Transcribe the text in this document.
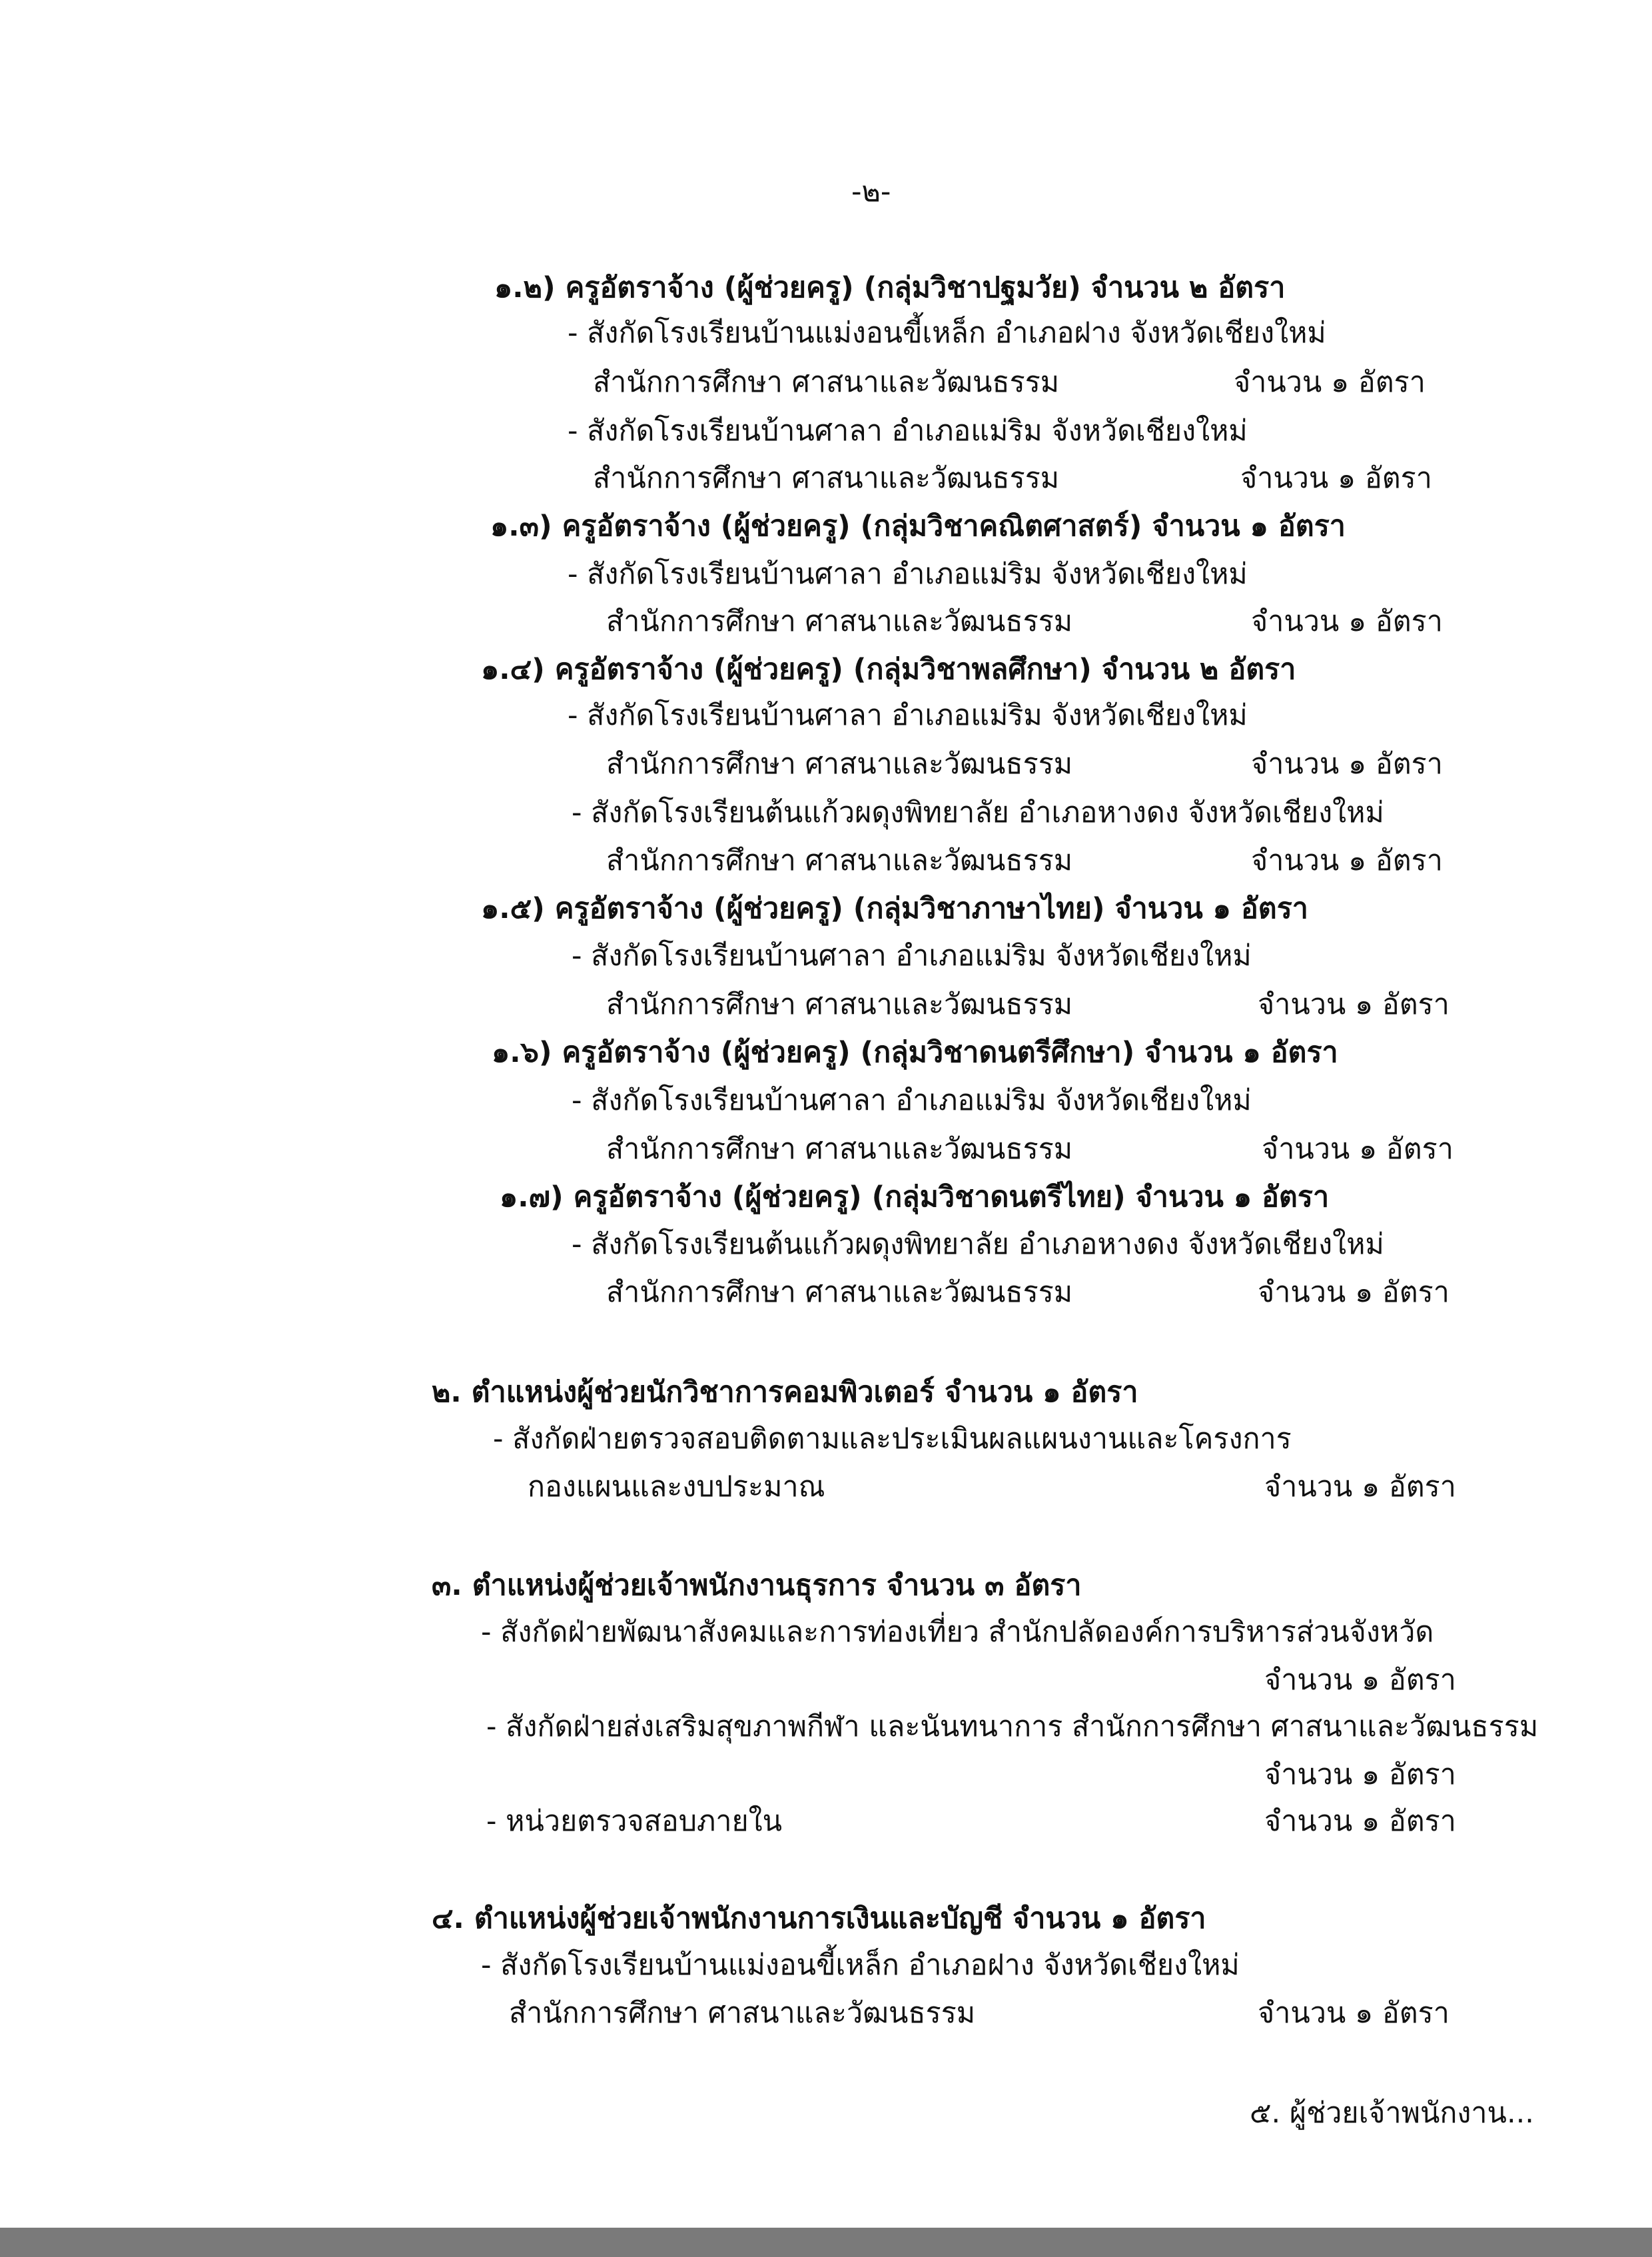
-๒-
๑.๒) ครูอัตราจ้าง (ผู้ช่วยครู) (กลุ่มวิชาปฐมวัย) จำนวน ๒ อัตรา
- สังกัดโรงเรียนบ้านแม่งอนขี้เหล็ก อำเภอฝาง จังหวัดเชียงใหม่
สำนักการศึกษา ศาสนาและวัฒนธรรม	จำนวน ๑ อัตรา
- สังกัดโรงเรียนบ้านศาลา อำเภอแม่ริม จังหวัดเชียงใหม่
สำนักการศึกษา ศาสนาและวัฒนธรรม	จำนวน ๑ อัตรา
๑.๓) ครูอัตราจ้าง (ผู้ช่วยครู) (กลุ่มวิชาคณิตศาสตร์) จำนวน ๑ อัตรา
- สังกัดโรงเรียนบ้านศาลา อำเภอแม่ริม จังหวัดเชียงใหม่
สำนักการศึกษา ศาสนาและวัฒนธรรม	จำนวน ๑ อัตรา
๑.๔) ครูอัตราจ้าง (ผู้ช่วยครู) (กลุ่มวิชาพลศึกษา) จำนวน ๒ อัตรา
- สังกัดโรงเรียนบ้านศาลา อำเภอแม่ริม จังหวัดเชียงใหม่
สำนักการศึกษา ศาสนาและวัฒนธรรม	จำนวน ๑ อัตรา
- สังกัดโรงเรียนต้นแก้วผดุงพิทยาลัย อำเภอหางดง จังหวัดเชียงใหม่
สำนักการศึกษา ศาสนาและวัฒนธรรม	จำนวน ๑ อัตรา
๑.๕) ครูอัตราจ้าง (ผู้ช่วยครู) (กลุ่มวิชาภาษาไทย) จำนวน ๑ อัตรา
- สังกัดโรงเรียนบ้านศาลา อำเภอแม่ริม จังหวัดเชียงใหม่
สำนักการศึกษา ศาสนาและวัฒนธรรม	จำนวน ๑ อัตรา
๑.๖) ครูอัตราจ้าง (ผู้ช่วยครู) (กลุ่มวิชาดนตรีศึกษา) จำนวน ๑ อัตรา
- สังกัดโรงเรียนบ้านศาลา อำเภอแม่ริม จังหวัดเชียงใหม่
สำนักการศึกษา ศาสนาและวัฒนธรรม	จำนวน ๑ อัตรา
๑.๗) ครูอัตราจ้าง (ผู้ช่วยครู) (กลุ่มวิชาดนตรีไทย) จำนวน ๑ อัตรา
- สังกัดโรงเรียนต้นแก้วผดุงพิทยาลัย อำเภอหางดง จังหวัดเชียงใหม่
สำนักการศึกษา ศาสนาและวัฒนธรรม	จำนวน ๑ อัตรา
๒. ตำแหน่งผู้ช่วยนักวิชาการคอมพิวเตอร์ จำนวน ๑ อัตรา
- สังกัดฝ่ายตรวจสอบติดตามและประเมินผลแผนงานและโครงการ
กองแผนและงบประมาณ	จำนวน ๑ อัตรา
๓. ตำแหน่งผู้ช่วยเจ้าพนักงานธุรการ จำนวน ๓ อัตรา
- สังกัดฝ่ายพัฒนาสังคมและการท่องเที่ยว สำนักปลัดองค์การบริหารส่วนจังหวัด
จำนวน ๑ อัตรา
- สังกัดฝ่ายส่งเสริมสุขภาพกีฬา และนันทนาการ สำนักการศึกษา ศาสนาและวัฒนธรรม
จำนวน ๑ อัตรา
- หน่วยตรวจสอบภายใน	จำนวน ๑ อัตรา
๔. ตำแหน่งผู้ช่วยเจ้าพนักงานการเงินและบัญชี จำนวน ๑ อัตรา
- สังกัดโรงเรียนบ้านแม่งอนขี้เหล็ก อำเภอฝาง จังหวัดเชียงใหม่
สำนักการศึกษา ศาสนาและวัฒนธรรม	จำนวน ๑ อัตรา
๕. ผู้ช่วยเจ้าพนักงาน...
